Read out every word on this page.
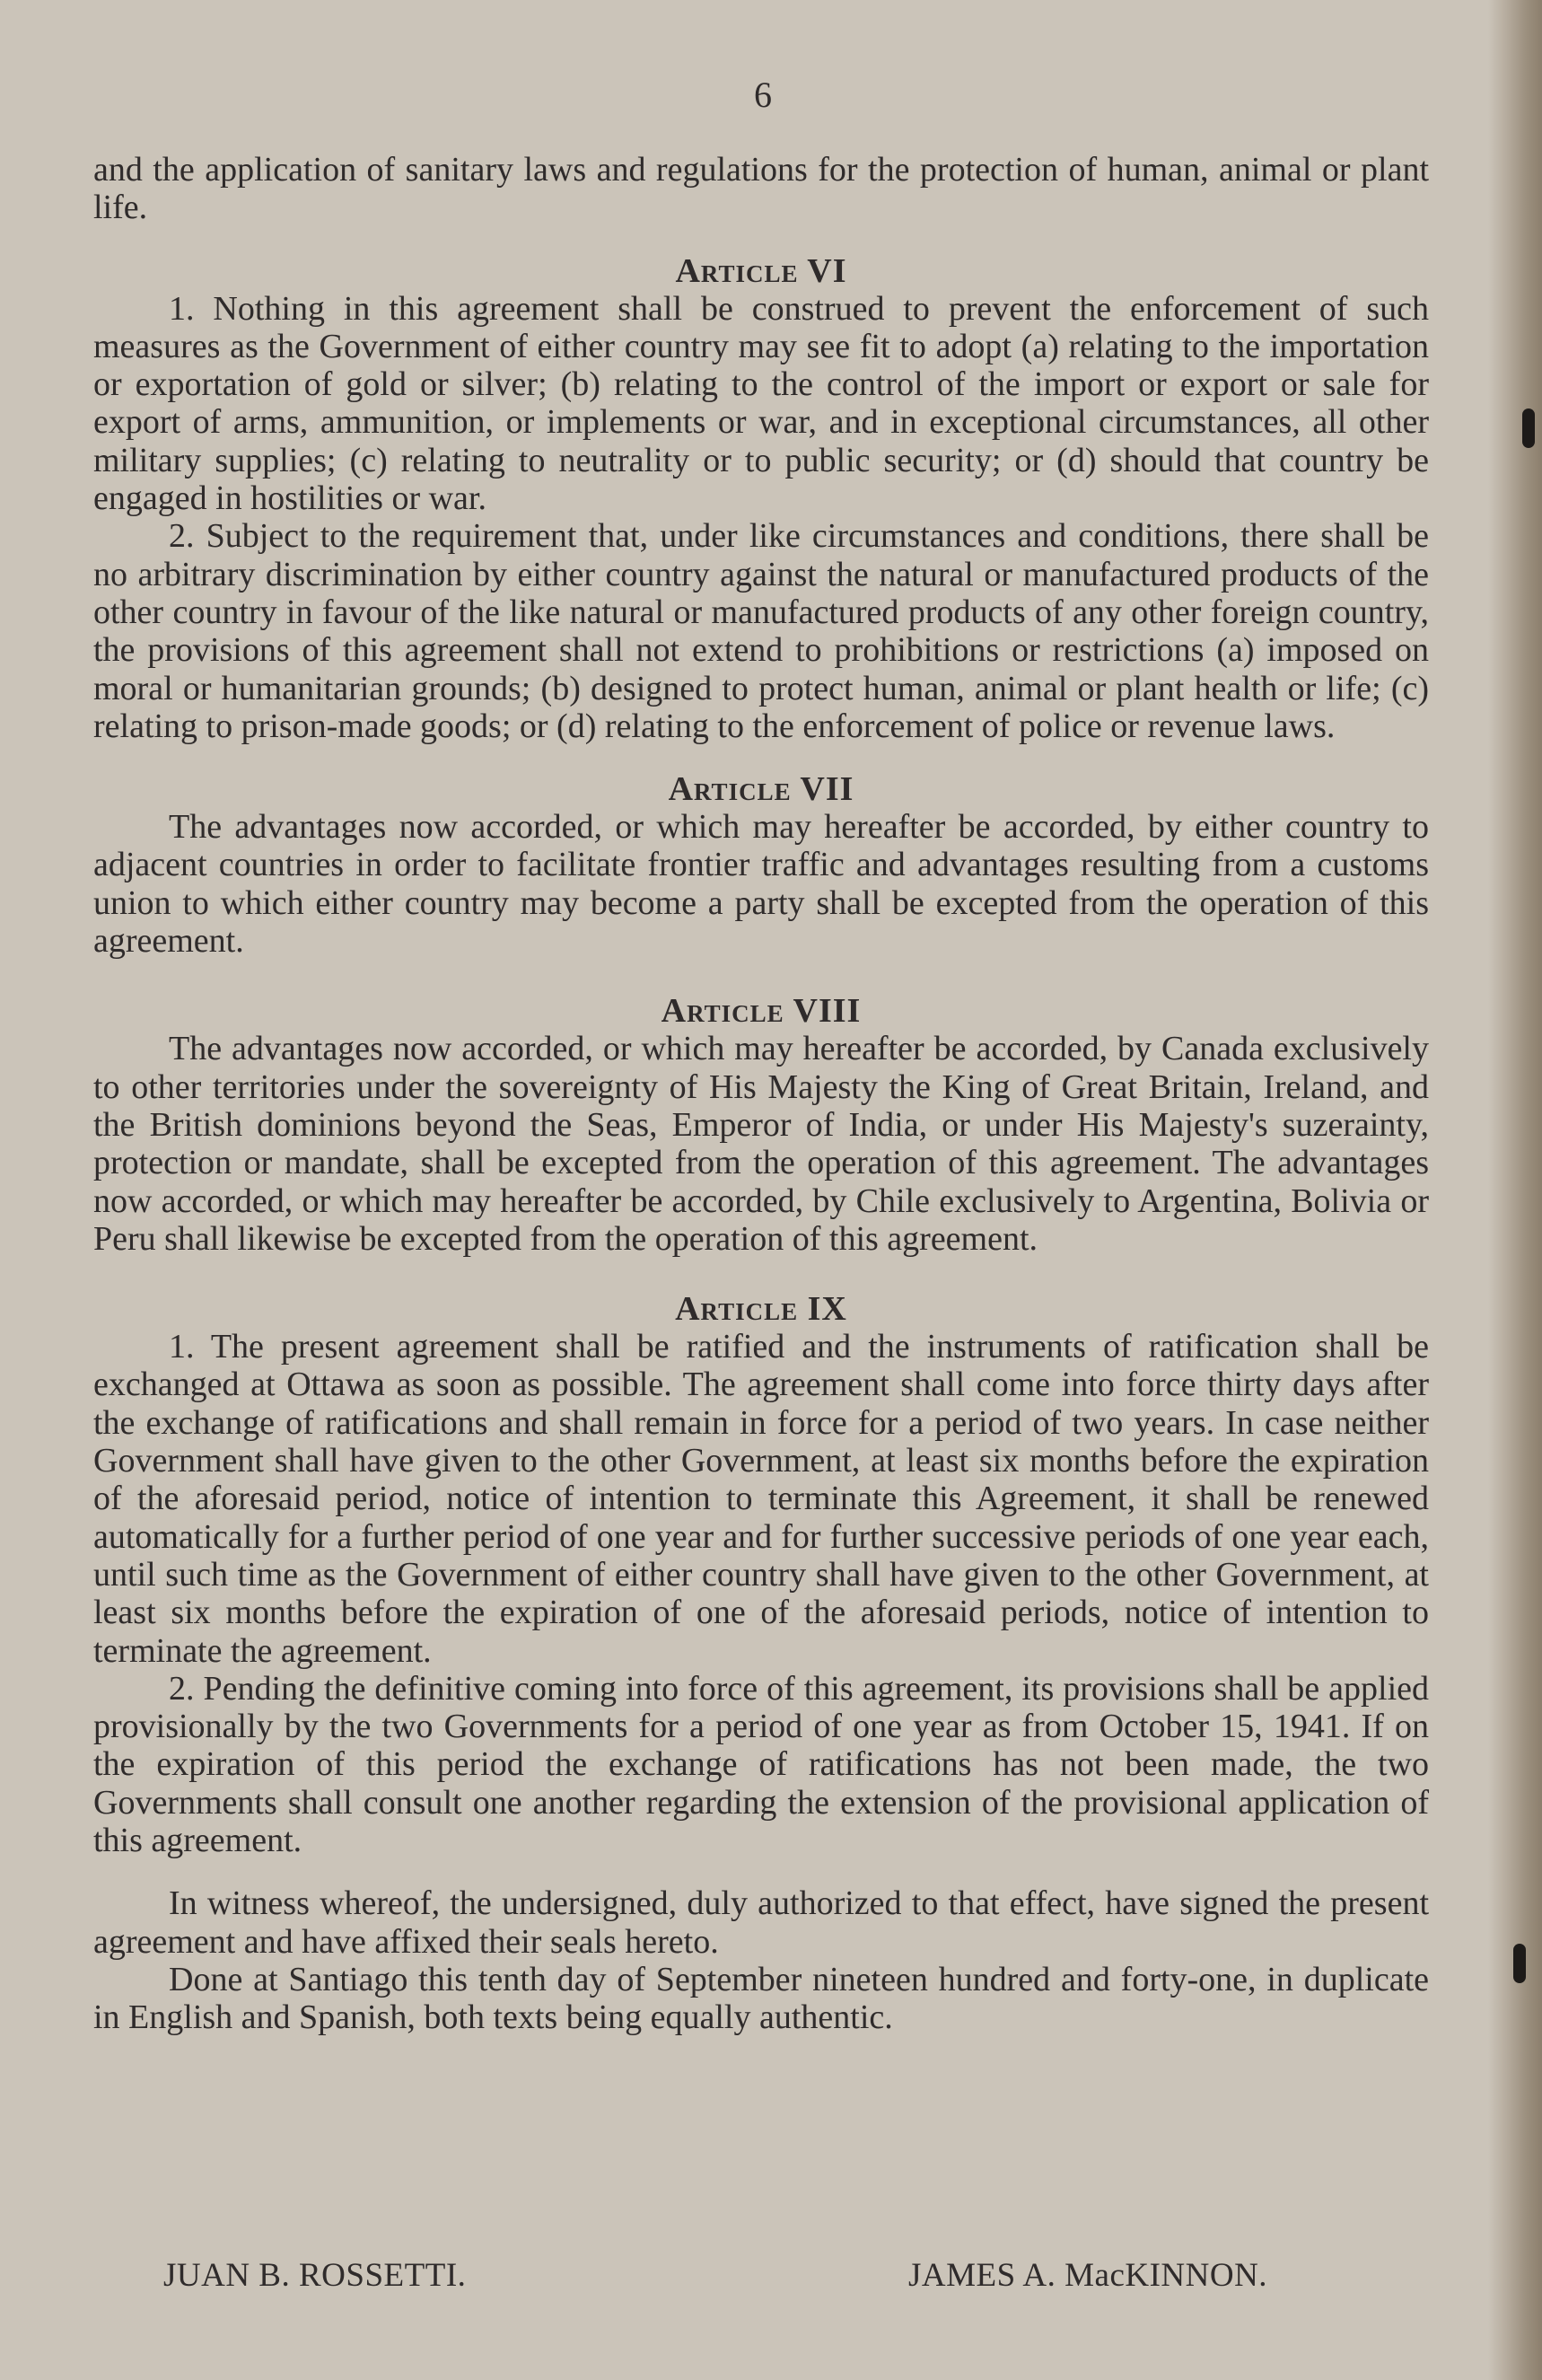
6

and the application of sanitary laws and regulations for the protection of human, animal or plant life.

Article VI

1. Nothing in this agreement shall be construed to prevent the enforcement of such measures as the Government of either country may see fit to adopt (a) relating to the importation or exportation of gold or silver; (b) relating to the control of the import or export or sale for export of arms, ammunition, or implements or war, and in exceptional circumstances, all other military supplies; (c) relating to neutrality or to public security; or (d) should that country be engaged in hostilities or war.

2. Subject to the requirement that, under like circumstances and conditions, there shall be no arbitrary discrimination by either country against the natural or manufactured products of the other country in favour of the like natural or manufactured products of any other foreign country, the provisions of this agreement shall not extend to prohibitions or restrictions (a) imposed on moral or humanitarian grounds; (b) designed to protect human, animal or plant health or life; (c) relating to prison-made goods; or (d) relating to the enforcement of police or revenue laws.

Article VII

The advantages now accorded, or which may hereafter be accorded, by either country to adjacent countries in order to facilitate frontier traffic and advantages resulting from a customs union to which either country may become a party shall be excepted from the operation of this agreement.

Article VIII

The advantages now accorded, or which may hereafter be accorded, by Canada exclusively to other territories under the sovereignty of His Majesty the King of Great Britain, Ireland, and the British dominions beyond the Seas, Emperor of India, or under His Majesty's suzerainty, protection or mandate, shall be excepted from the operation of this agreement. The advantages now accorded, or which may hereafter be accorded, by Chile exclusively to Argentina, Bolivia or Peru shall likewise be excepted from the operation of this agreement.

Article IX

1. The present agreement shall be ratified and the instruments of ratification shall be exchanged at Ottawa as soon as possible. The agreement shall come into force thirty days after the exchange of ratifications and shall remain in force for a period of two years. In case neither Government shall have given to the other Government, at least six months before the expiration of the aforesaid period, notice of intention to terminate this Agreement, it shall be renewed automatically for a further period of one year and for further successive periods of one year each, until such time as the Government of either country shall have given to the other Government, at least six months before the expiration of one of the aforesaid periods, notice of intention to terminate the agreement.

2. Pending the definitive coming into force of this agreement, its provisions shall be applied provisionally by the two Governments for a period of one year as from October 15, 1941. If on the expiration of this period the exchange of ratifications has not been made, the two Governments shall consult one another regarding the extension of the provisional application of this agreement.

In witness whereof, the undersigned, duly authorized to that effect, have signed the present agreement and have affixed their seals hereto.

Done at Santiago this tenth day of September nineteen hundred and forty-one, in duplicate in English and Spanish, both texts being equally authentic.

JUAN B. ROSSETTI.	JAMES A. MacKINNON.
